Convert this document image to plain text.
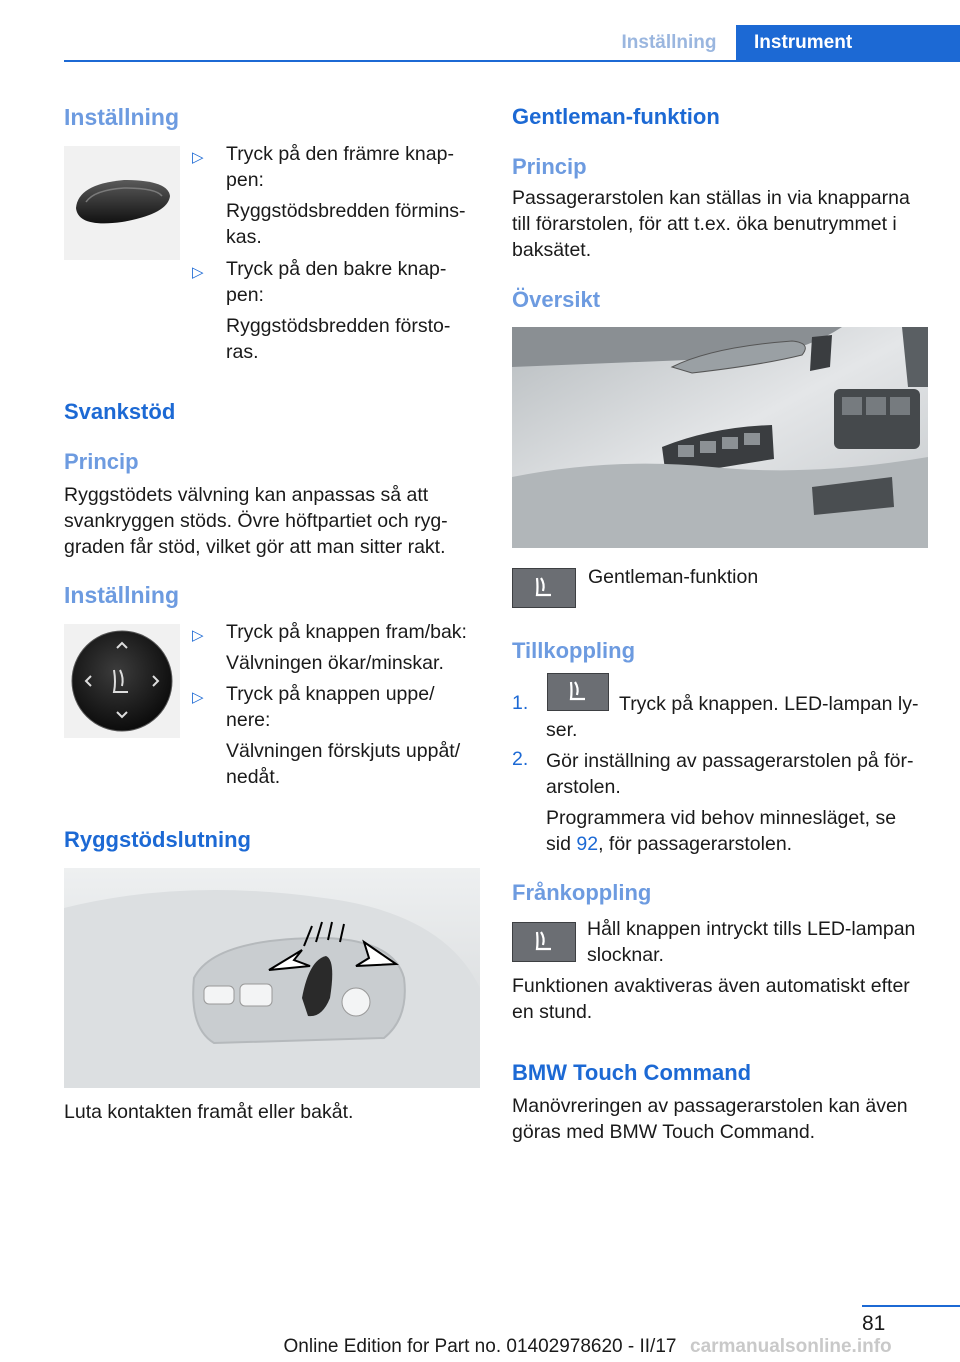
Inställning	Instrument
Inställning
▷ Tryck på den främre knap-
pen:
Ryggstödsbredden förmins-
kas.
▷ Tryck på den bakre knap-
pen:
Ryggstödsbredden försto-
ras.
Svankstöd
Princip
Ryggstödets välvning kan anpassas så att
svankryggen stöds. Övre höftpartiet och ryg-
graden får stöd, vilket gör att man sitter rakt.
Inställning
▷ Tryck på knappen fram/bak:
Välvningen ökar/minskar.
▷ Tryck på knappen uppe/
nere:
Välvningen förskjuts uppåt/
nedåt.
Ryggstödslutning
Luta kontakten framåt eller bakåt.
Gentleman-funktion
Princip
Passagerarstolen kan ställas in via knapparna
till förarstolen, för att t.ex. öka benutrymmet i
baksätet.
Översikt
Gentleman-funktion
Tillkoppling
1.	Tryck på knappen. LED-lampan ly-
ser.
2. Gör inställning av passagerarstolen på för-
arstolen.
Programmera vid behov minnesläget, se
sid 92, för passagerarstolen.
Frånkoppling
Håll knappen intryckt tills LED-lampan
slocknar.
Funktionen avaktiveras även automatiskt efter
en stund.
BMW Touch Command
Manövreringen av passagerarstolen kan även
göras med BMW Touch Command.
81
carmanualsonline.info
Online Edition for Part no. 01402978620 - II/17
